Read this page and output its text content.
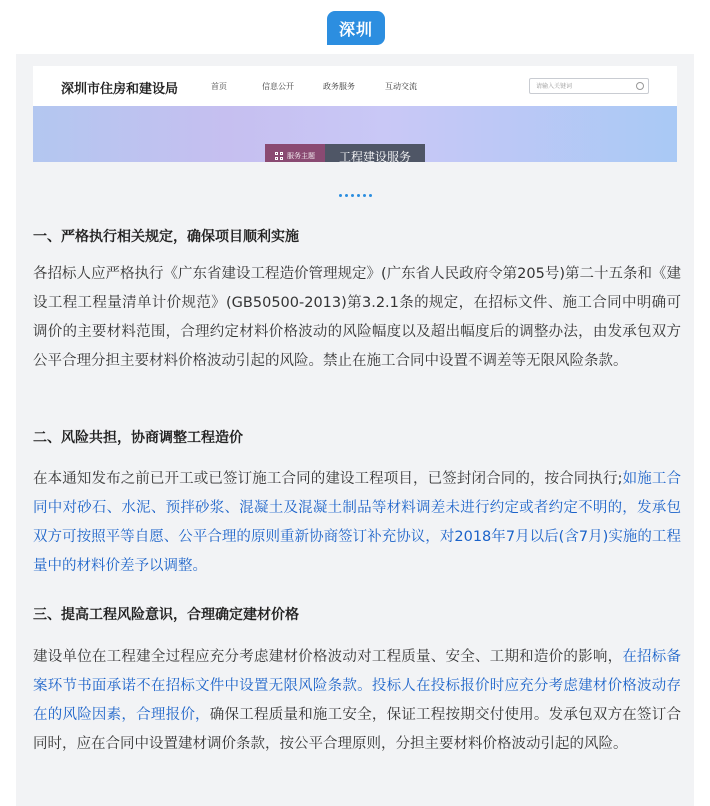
深圳
深圳市住房和建设局	首页	信息公开	政务服务	互动交流	请输入关键词
服务主题	工程建设服务
一、严格执行相关规定，确保项目顺利实施
各招标人应严格执行《广东省建设工程造价管理规定》(广东省人民政府令第205号)第二十五条和《建设工程工程量清单计价规范》(GB50500-2013)第3.2.1条的规定，在招标文件、施工合同中明确可调价的主要材料范围，合理约定材料价格波动的风险幅度以及超出幅度后的调整办法，由发承包双方公平合理分担主要材料价格波动引起的风险。禁止在施工合同中设置不调差等无限风险条款。
二、风险共担，协商调整工程造价
在本通知发布之前已开工或已签订施工合同的建设工程项目，已签封闭合同的，按合同执行;如施工合同中对砂石、水泥、预拌砂浆、混凝土及混凝土制品等材料调差未进行约定或者约定不明的，发承包双方可按照平等自愿、公平合理的原则重新协商签订补充协议，对2018年7月以后(含7月)实施的工程量中的材料价差予以调整。
三、提高工程风险意识，合理确定建材价格
建设单位在工程建全过程应充分考虑建材价格波动对工程质量、安全、工期和造价的影响，在招标备案环节书面承诺不在招标文件中设置无限风险条款。投标人在投标报价时应充分考虑建材价格波动存在的风险因素，合理报价，确保工程质量和施工安全，保证工程按期交付使用。发承包双方在签订合同时，应在合同中设置建材调价条款，按公平合理原则，分担主要材料价格波动引起的风险。
